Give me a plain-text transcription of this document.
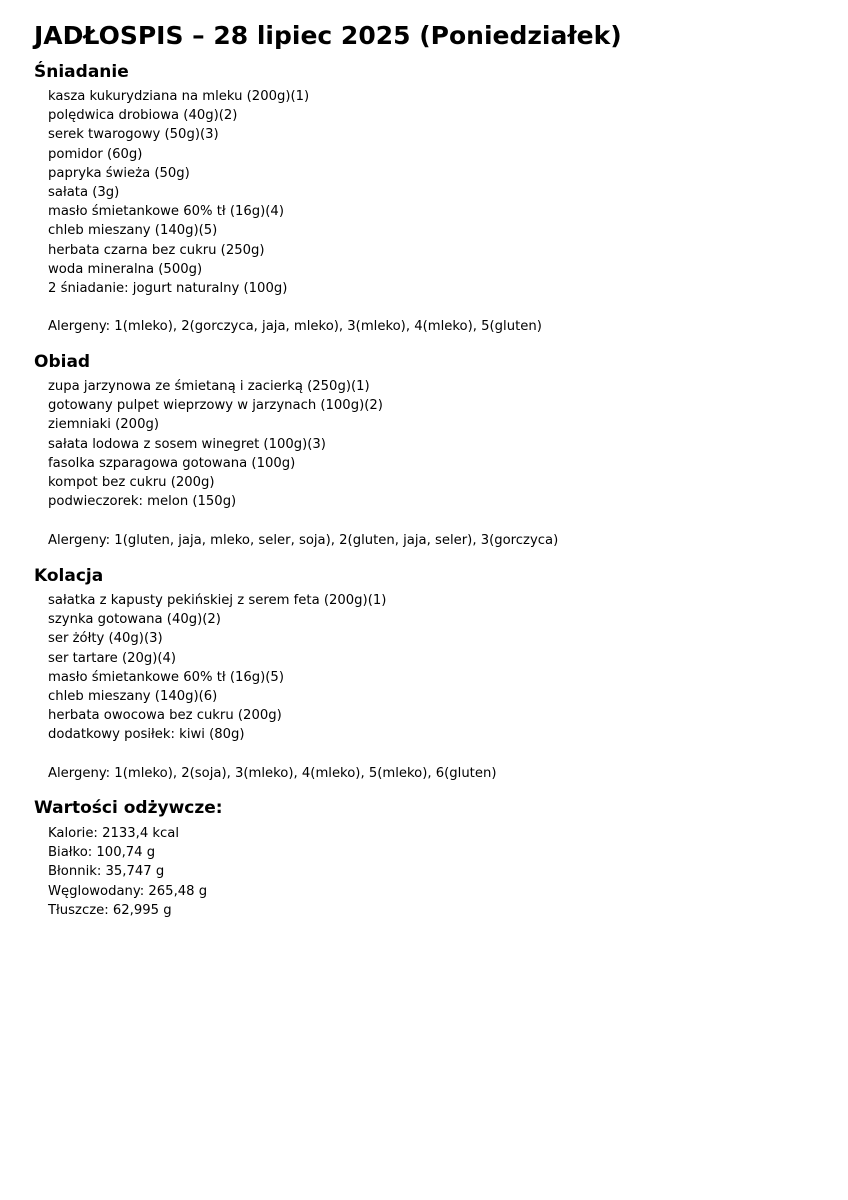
JADŁOSPIS – 28 lipiec 2025 (Poniedziałek)
Śniadanie
kasza kukurydziana na mleku (200g)(1)
polędwica drobiowa (40g)(2)
serek twarogowy (50g)(3)
pomidor (60g)
papryka świeża (50g)
sałata (3g)
masło śmietankowe 60% tł (16g)(4)
chleb mieszany (140g)(5)
herbata czarna bez cukru (250g)
woda mineralna (500g)
2 śniadanie: jogurt naturalny (100g)

Alergeny: 1(mleko), 2(gorczyca, jaja, mleko), 3(mleko), 4(mleko), 5(gluten)

Obiad
zupa jarzynowa ze śmietaną i zacierką (250g)(1)
gotowany pulpet wieprzowy w jarzynach (100g)(2)
ziemniaki (200g)
sałata lodowa z sosem winegret (100g)(3)
fasolka szparagowa gotowana (100g)
kompot bez cukru (200g)
podwieczorek: melon (150g)

Alergeny: 1(gluten, jaja, mleko, seler, soja), 2(gluten, jaja, seler), 3(gorczyca)

Kolacja
sałatka z kapusty pekińskiej z serem feta (200g)(1)
szynka gotowana (40g)(2)
ser żółty (40g)(3)
ser tartare (20g)(4)
masło śmietankowe 60% tł (16g)(5)
chleb mieszany (140g)(6)
herbata owocowa bez cukru (200g)
dodatkowy posiłek: kiwi (80g)

Alergeny: 1(mleko), 2(soja), 3(mleko), 4(mleko), 5(mleko), 6(gluten)

Wartości odżywcze:
Kalorie: 2133,4 kcal
Białko: 100,74 g
Błonnik: 35,747 g
Węglowodany: 265,48 g
Tłuszcze: 62,995 g
